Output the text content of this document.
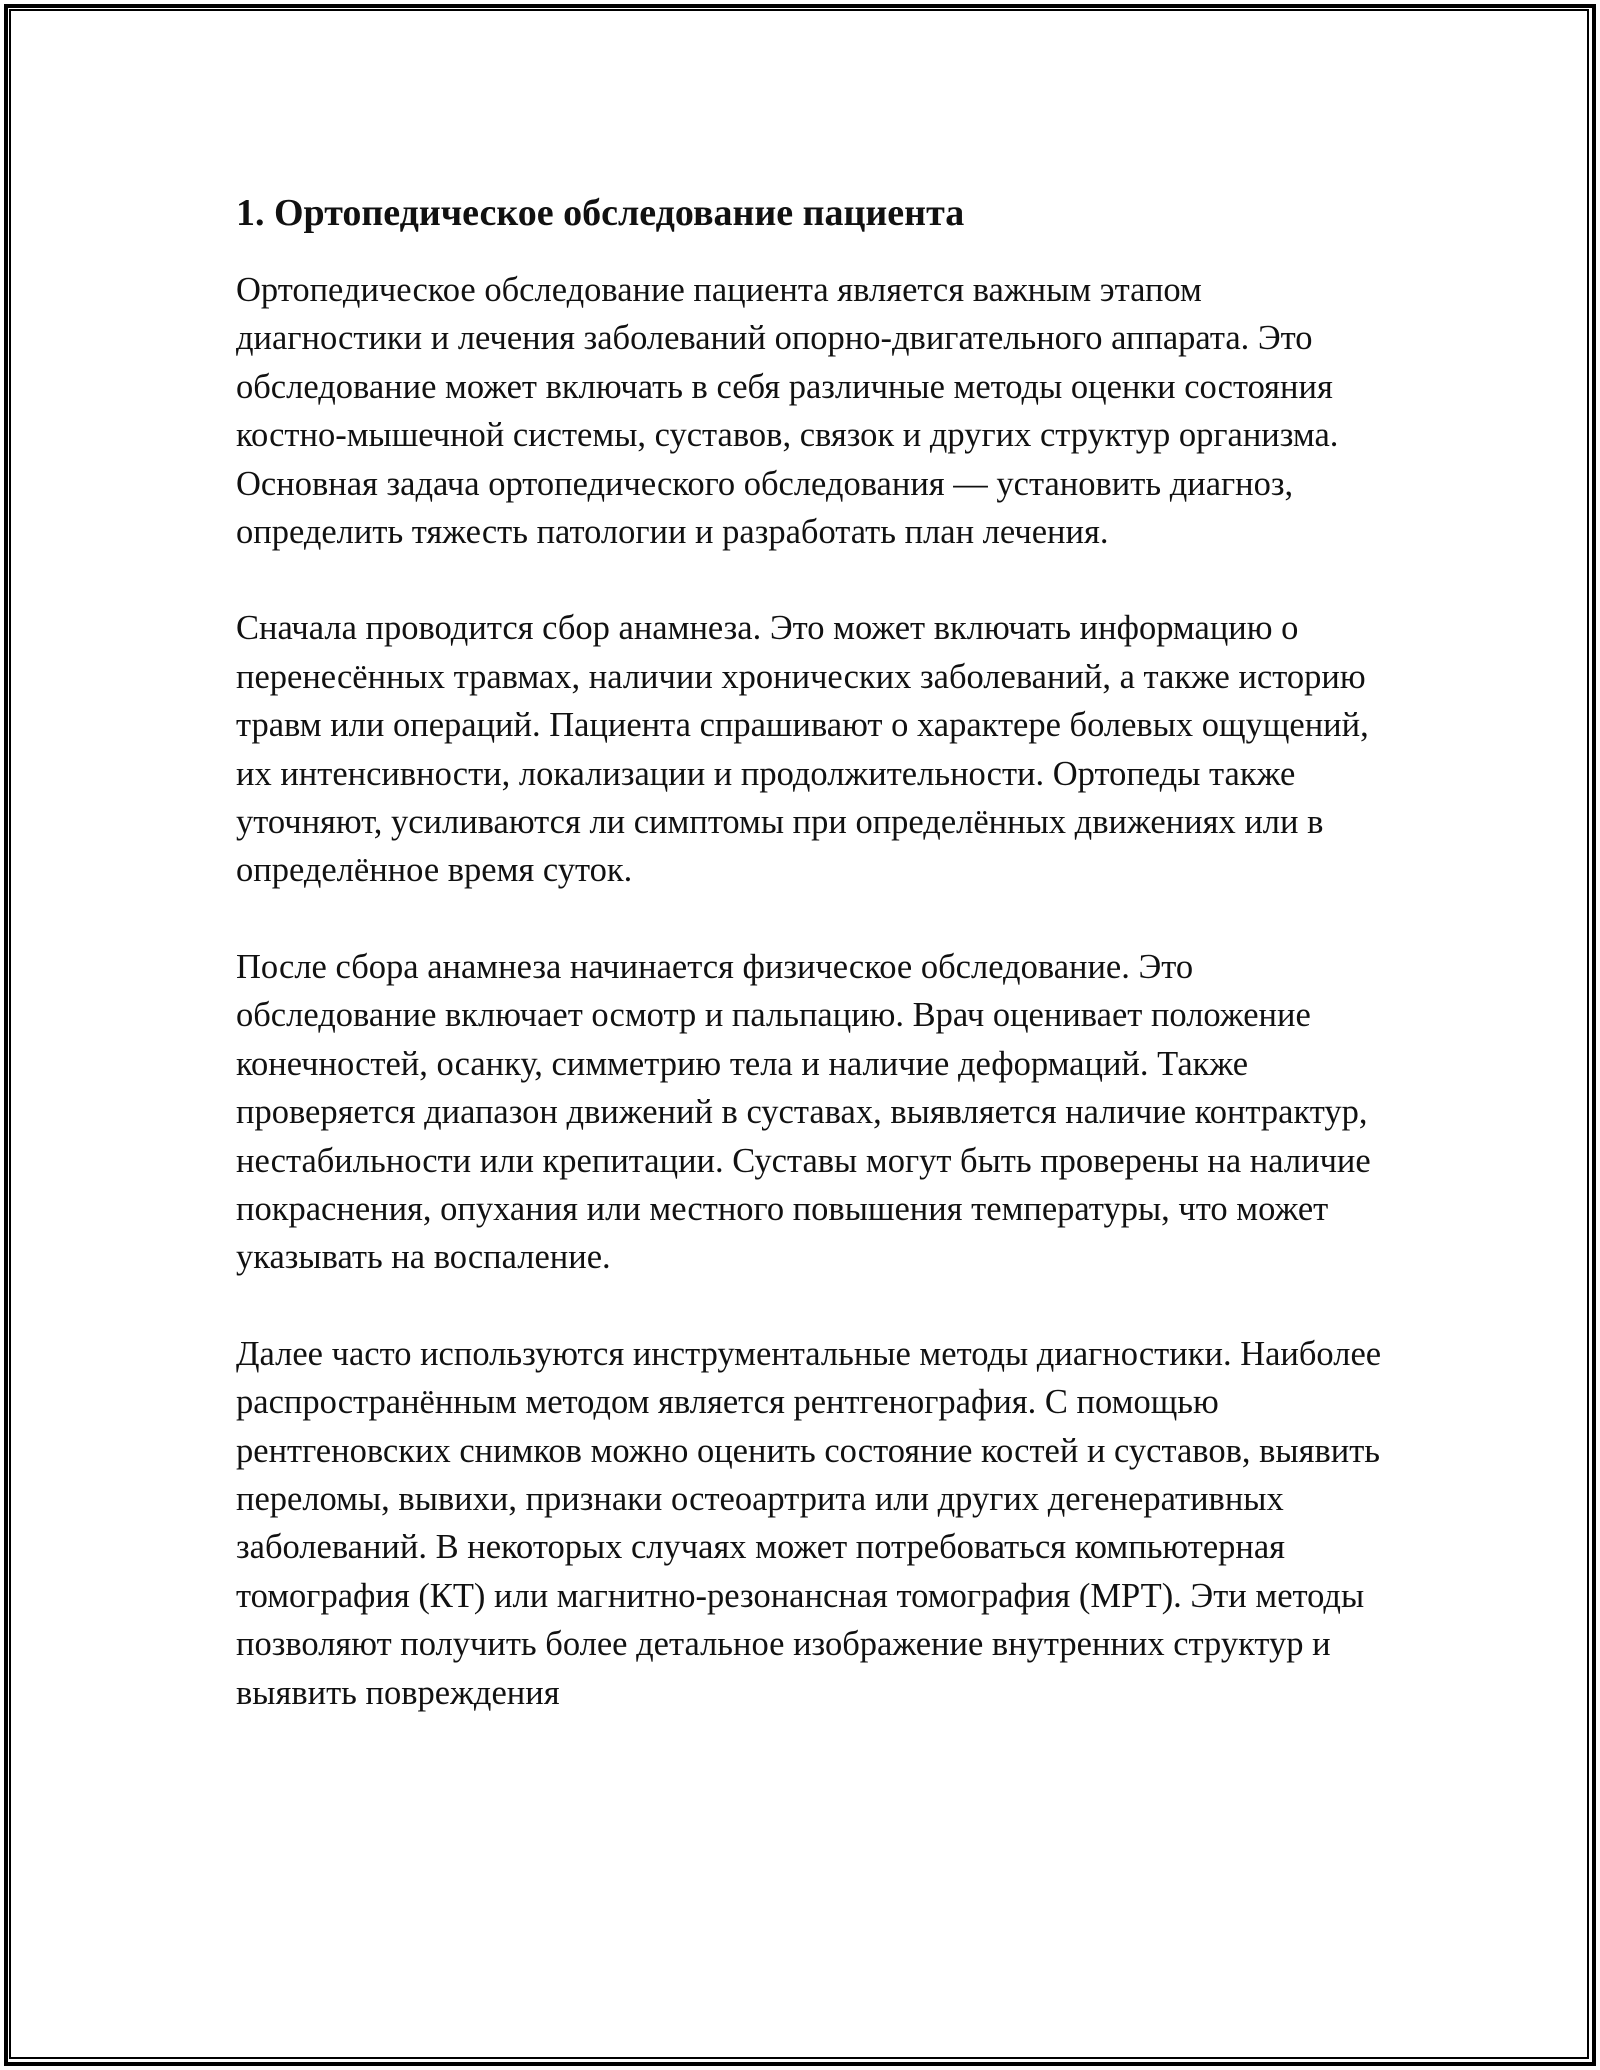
1. Ортопедическое обследование пациента

Ортопедическое обследование пациента является важным этапом диагностики и лечения заболеваний опорно-двигательного аппарата. Это обследование может включать в себя различные методы оценки состояния костно-мышечной системы, суставов, связок и других структур организма. Основная задача ортопедического обследования — установить диагноз, определить тяжесть патологии и разработать план лечения.

Сначала проводится сбор анамнеза. Это может включать информацию о перенесённых травмах, наличии хронических заболеваний, а также историю травм или операций. Пациента спрашивают о характере болевых ощущений, их интенсивности, локализации и продолжительности. Ортопеды также уточняют, усиливаются ли симптомы при определённых движениях или в определённое время суток.

После сбора анамнеза начинается физическое обследование. Это обследование включает осмотр и пальпацию. Врач оценивает положение конечностей, осанку, симметрию тела и наличие деформаций. Также проверяется диапазон движений в суставах, выявляется наличие контрактур, нестабильности или крепитации. Суставы могут быть проверены на наличие покраснения, опухания или местного повышения температуры, что может указывать на воспаление.

Далее часто используются инструментальные методы диагностики. Наиболее распространённым методом является рентгенография. С помощью рентгеновских снимков можно оценить состояние костей и суставов, выявить переломы, вывихи, признаки остеоартрита или других дегенеративных заболеваний. В некоторых случаях может потребоваться компьютерная томография (КТ) или магнитно-резонансная томография (МРТ). Эти методы позволяют получить более детальное изображение внутренних структур и выявить повреждения
